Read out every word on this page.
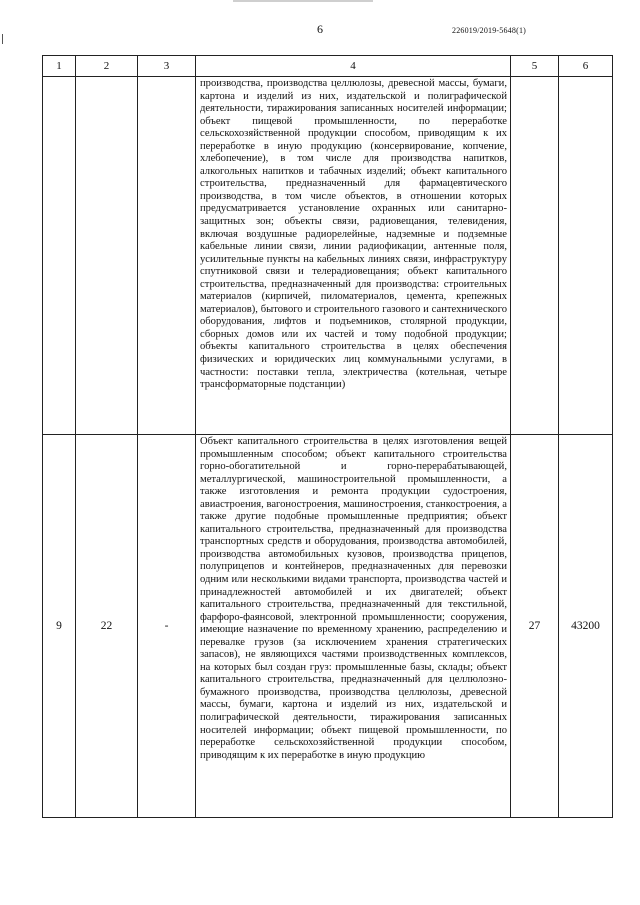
6	226019/2019-5648(1)
1	2	3	4	5	6
			производства, производства целлюлозы, древесной массы, бумаги, картона и изделий из них, издательской и полиграфической деятельности, тиражирования записанных носителей информации; объект пищевой промышленности, по переработке сельскохозяйственной продукции способом, приводящим к их переработке в иную продукцию (консервирование, копчение, хлебопечение), в том числе для производства напитков, алкогольных напитков и табачных изделий; объект капитального строительства, предназначенный для фармацевтического производства, в том числе объектов, в отношении которых предусматривается установление охранных или санитарно-защитных зон; объекты связи, радиовещания, телевидения, включая воздушные радиорелейные, надземные и подземные кабельные линии связи, линии радиофикации, антенные поля, усилительные пункты на кабельных линиях связи, инфраструктуру спутниковой связи и телерадиовещания; объект капитального строительства, предназначенный для производства: строительных материалов (кирпичей, пиломатериалов, цемента, крепежных материалов), бытового и строительного газового и сантехнического оборудования, лифтов и подъемников, столярной продукции, сборных домов или их частей и тому подобной продукции; объекты капитального строительства в целях обеспечения физических и юридических лиц коммунальными услугами, в частности: поставки тепла, электричества (котельная, четыре трансформаторные подстанции)		
9	22	-	Объект капитального строительства в целях изготовления вещей промышленным способом; объект капитального строительства горно-обогатительной и горно-перерабатывающей, металлургической, машиностроительной промышленности, а также изготовления и ремонта продукции судостроения, авиастроения, вагоностроения, машиностроения, станкостроения, а также другие подобные промышленные предприятия; объект капитального строительства, предназначенный для производства транспортных средств и оборудования, производства автомобилей, производства автомобильных кузовов, производства прицепов, полуприцепов и контейнеров, предназначенных для перевозки одним или несколькими видами транспорта, производства частей и принадлежностей автомобилей и их двигателей; объект капитального строительства, предназначенный для текстильной, фарфоро-фаянсовой, электронной промышленности; сооружения, имеющие назначение по временному хранению, распределению и перевалке грузов (за исключением хранения стратегических запасов), не являющихся частями производственных комплексов, на которых был создан груз: промышленные базы, склады; объект капитального строительства, предназначенный для целлюлозно-бумажного производства, производства целлюлозы, древесной массы, бумаги, картона и изделий из них, издательской и полиграфической деятельности, тиражирования записанных носителей информации; объект пищевой промышленности, по переработке сельскохозяйственной продукции способом, приводящим к их переработке в иную продукцию	27	43200
